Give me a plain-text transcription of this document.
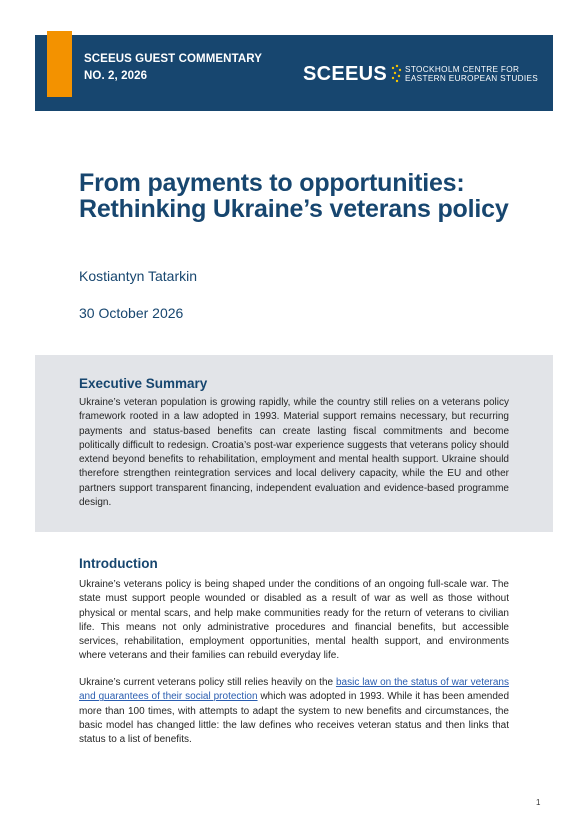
SCEEUS GUEST COMMENTARY
NO. 2, 2026	SCEEUS STOCKHOLM CENTRE FOR
EASTERN EUROPEAN STUDIES
From payments to opportunities: Rethinking Ukraine’s veterans policy
Kostiantyn Tatarkin
30 October 2026
Executive Summary

Ukraine’s veteran population is growing rapidly, while the country still relies on a veterans policy framework rooted in a law adopted in 1993. Material support remains necessary, but recurring payments and status-based benefits can create lasting fiscal commitments and become politically difficult to redesign. Croatia’s post-war experience suggests that veterans policy should extend beyond benefits to rehabilitation, employment and mental health support. Ukraine should therefore strengthen reintegration services and local delivery capacity, while the EU and other partners support transparent financing, independent evaluation and evidence-based programme design.

Introduction

Ukraine’s veterans policy is being shaped under the conditions of an ongoing full-scale war. The state must support people wounded or disabled as a result of war as well as those without physical or mental scars, and help make communities ready for the return of veterans to civilian life. This means not only administrative procedures and financial benefits, but accessible services, rehabilitation, employment opportunities, mental health support, and environments where veterans and their families can rebuild everyday life.

Ukraine’s current veterans policy still relies heavily on the basic law on the status of war veterans and guarantees of their social protection which was adopted in 1993. While it has been amended more than 100 times, with attempts to adapt the system to new benefits and circumstances, the basic model has changed little: the law defines who receives veteran status and then links that status to a list of benefits.

1
